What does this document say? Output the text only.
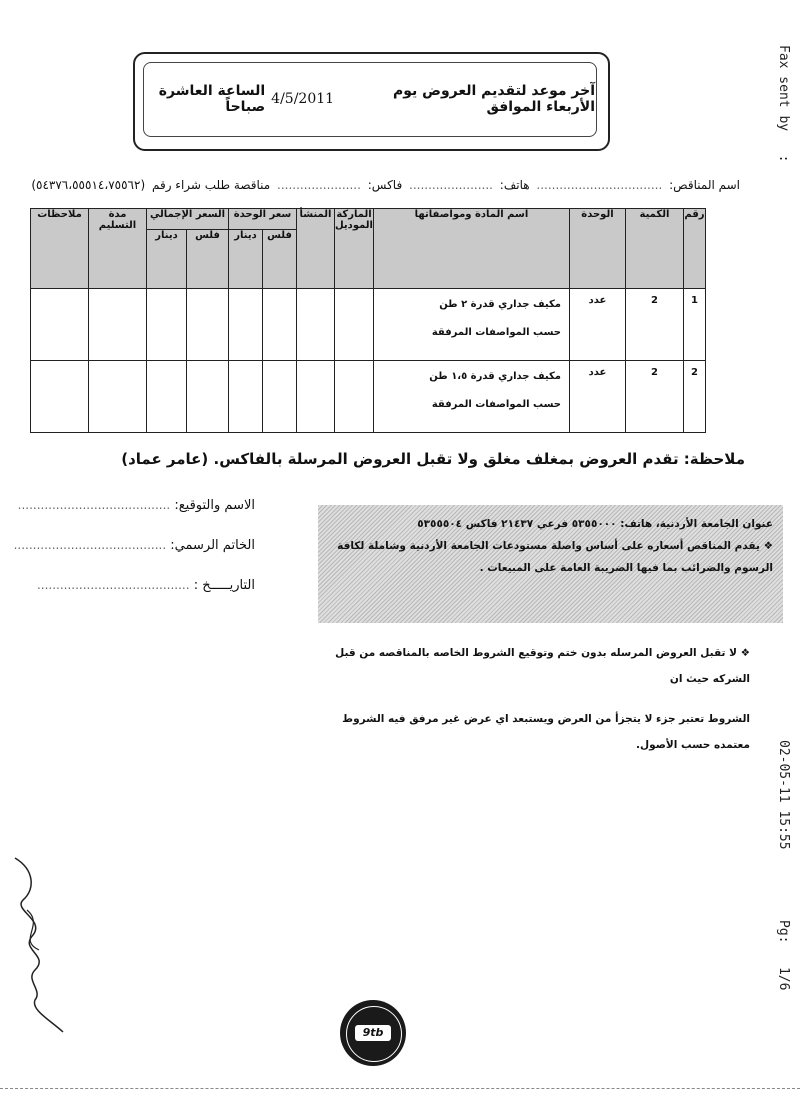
آخر موعد لتقديم العروض يوم الأربعاء الموافق
4/5/2011
الساعة العاشرة صباحاً	Fax sent by   :
02-05-11 15:55
Pg:   1/6
اسم المناقص: ................................. هاتف: ...................... فاكس: ...................... مناقصة طلب شراء رقم (٥٤٣٧٦،٥٥٥١٤،٧٥٥٦٢)
رقم	الكمية	الوحدة	اسم المادة ومواصفاتها	الماركة الموديل	المنشأ	سعر الوحدة		السعر الإجمالي		مدة التسليم	ملاحظات
						فلس	دينار	فلس	دينار		
1	2	عدد	مكيف جداري قدرة ٢ طن
حسب المواصفات المرفقة								

2	2	عدد	مكيف جداري قدرة ١،٥ طن
حسب المواصفات المرفقة								

ملاحظة: تقدم العروض بمغلف مغلق ولا تقبل العروض المرسلة بالفاكس. (عامر عماد)
الاسم والتوقيع: ........................................
الخاتم الرسمي: ........................................
التاريـــــخ : ........................................

عنوان الجامعة الأردنية، هاتف: ٥٣٥٥٠٠٠ فرعي ٢١٤٣٧ فاكس ٥٣٥٥٥٠٤

❖ يقدم المناقص أسعاره على أساس واصلة مستودعات الجامعة الأردنية وشاملة لكافة الرسوم والضرائب بما فيها الضريبة العامة على المبيعات .

❖ لا تقبل العروض المرسله بدون ختم وتوقيع الشروط الخاصه بالمناقصه من قبل الشركه حيث ان

الشروط تعتبر جزء لا يتجزأ من العرض ويستبعد اي عرض غير مرفق فيه الشروط معتمده حسب الأصول.

9tb
